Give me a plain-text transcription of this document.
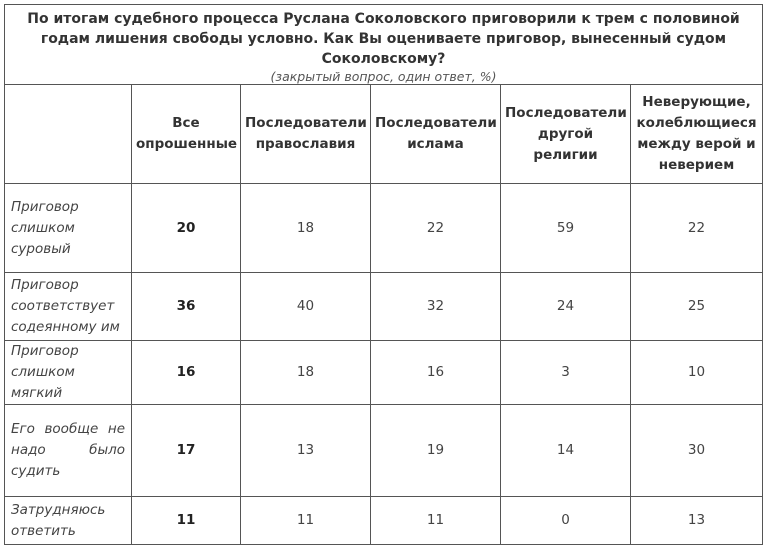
По итогам судебного процесса Руслана Соколовского приговорили к трем с половиной годам лишения свободы условно. Как Вы оцениваете приговор, вынесенный судом Соколовскому?
(закрытый вопрос, один ответ, %)					

	Все опрошенные	Последователи православия	Последователи ислама	Последователи другой религии	Неверующие, колеблющиеся между верой и неверием
Приговор слишком суровый	20	18	22	59	22
Приговор соответствует содеянному им	36	40	32	24	25
Приговор слишком мягкий	16	18	16	3	10
Его вообще не надо было судить	17	13	19	14	30
Затрудняюсь ответить	11	11	11	0	13
